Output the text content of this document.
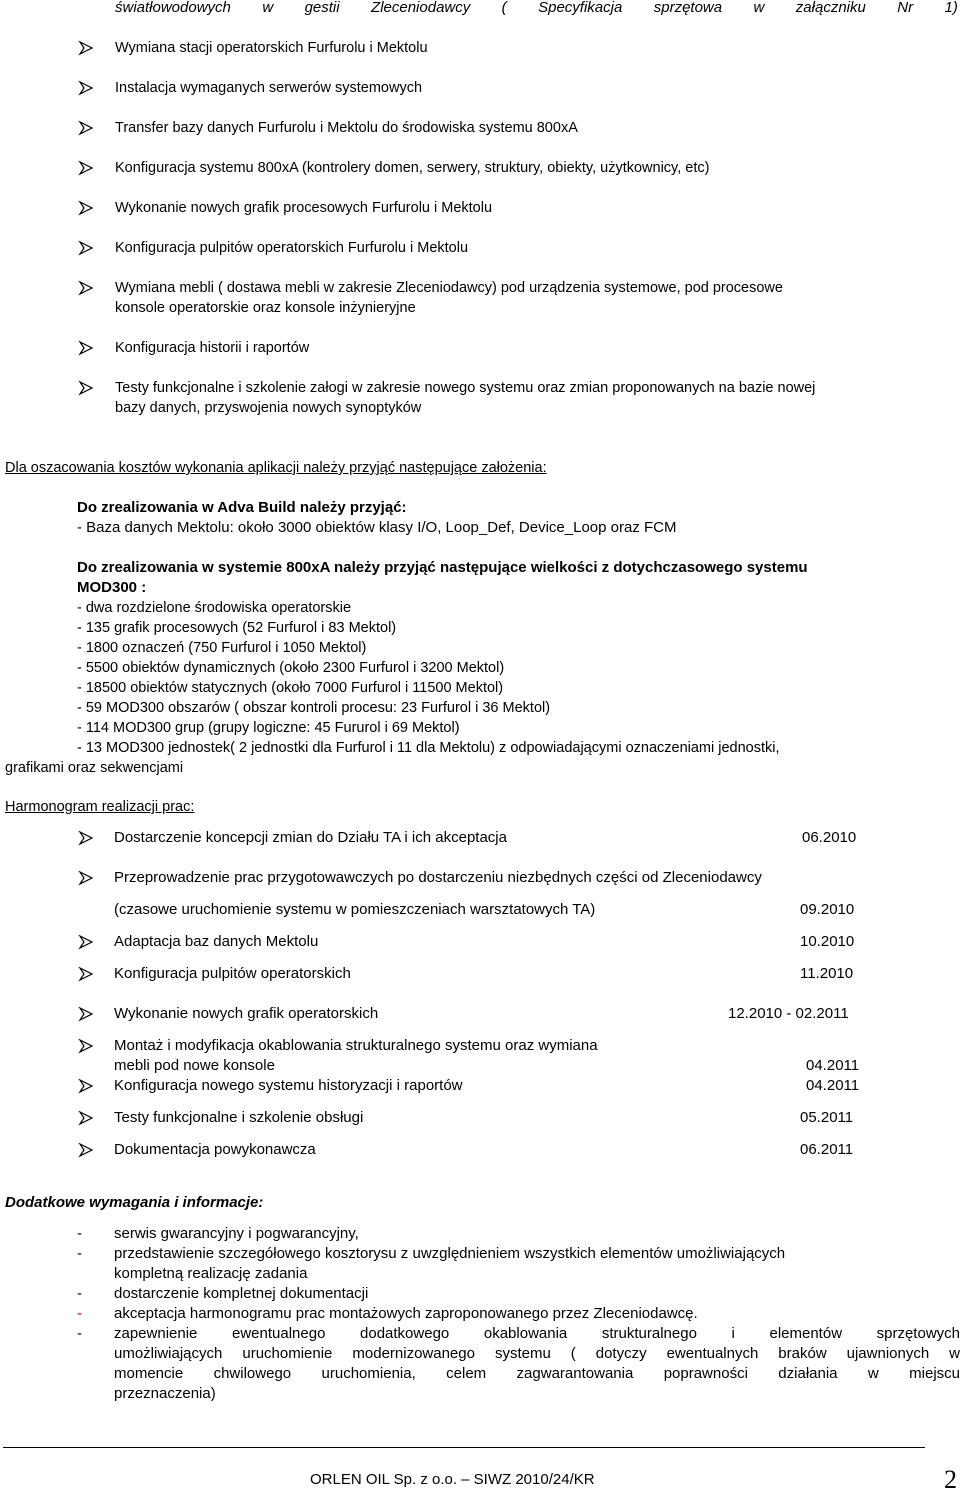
światłowodowych w gestii Zleceniodawcy ( Specyfikacja sprzętowa w załączniku Nr 1)
Wymiana stacji operatorskich Furfurolu i Mektolu
Instalacja wymaganych serwerów systemowych
Transfer bazy danych Furfurolu i Mektolu do środowiska systemu 800xA
Konfiguracja systemu 800xA (kontrolery domen, serwery, struktury, obiekty, użytkownicy, etc)
Wykonanie nowych grafik procesowych Furfurolu i Mektolu
Konfiguracja pulpitów operatorskich Furfurolu i Mektolu
Wymiana mebli ( dostawa mebli w zakresie Zleceniodawcy) pod urządzenia systemowe, pod procesowe
konsole operatorskie oraz konsole inżynieryjne
Konfiguracja historii i raportów
Testy funkcjonalne i szkolenie załogi w zakresie nowego systemu oraz zmian proponowanych na bazie nowej
bazy danych, przyswojenia nowych synoptyków
Dla oszacowania kosztów wykonania aplikacji należy przyjąć następujące założenia:
Do zrealizowania w Adva Build należy przyjąć:
- Baza danych Mektolu: około 3000 obiektów klasy I/O, Loop_Def, Device_Loop oraz FCM
Do zrealizowania w systemie 800xA należy przyjąć następujące wielkości z dotychczasowego systemu
MOD300 :
- dwa rozdzielone środowiska operatorskie
- 135 grafik procesowych (52 Furfurol i 83 Mektol)
- 1800 oznaczeń (750 Furfurol i 1050 Mektol)
- 5500 obiektów dynamicznych (około 2300 Furfurol i 3200 Mektol)
- 18500 obiektów statycznych (około 7000 Furfurol i 11500 Mektol)
- 59 MOD300 obszarów ( obszar kontroli procesu: 23 Furfurol i 36 Mektol)
- 114 MOD300 grup (grupy logiczne: 45 Fururol i 69 Mektol)
- 13 MOD300 jednostek( 2 jednostki dla Furfurol i 11 dla Mektolu) z odpowiadającymi oznaczeniami jednostki,
grafikami oraz sekwencjami
Harmonogram realizacji prac:
Dostarczenie koncepcji zmian do Działu TA i ich akceptacja	06.2010
Przeprowadzenie prac przygotowawczych po dostarczeniu niezbędnych części od Zleceniodawcy
(czasowe uruchomienie systemu w pomieszczeniach warsztatowych TA)	09.2010
Adaptacja baz danych Mektolu	10.2010
Konfiguracja pulpitów operatorskich	11.2010
Wykonanie nowych grafik operatorskich	12.2010 - 02.2011
Montaż i modyfikacja okablowania strukturalnego systemu oraz wymiana
mebli pod nowe konsole	04.2011
Konfiguracja nowego systemu historyzacji i raportów	04.2011
Testy funkcjonalne i szkolenie obsługi	05.2011
Dokumentacja powykonawcza	06.2011
Dodatkowe wymagania i informacje:
- serwis gwarancyjny i pogwarancyjny,
- przedstawienie szczegółowego kosztorysu z uwzględnieniem wszystkich elementów umożliwiających
kompletną realizację zadania
- dostarczenie kompletnej dokumentacji
- akceptacja harmonogramu prac montażowych zaproponowanego przez Zleceniodawcę.
- zapewnienie ewentualnego dodatkowego okablowania strukturalnego i elementów sprzętowych
umożliwiających uruchomienie modernizowanego systemu ( dotyczy ewentualnych braków ujawnionych w
momencie chwilowego uruchomienia, celem zagwarantowania poprawności działania w miejscu
przeznaczenia)
ORLEN OIL Sp. z o.o. – SIWZ 2010/24/KR	2
